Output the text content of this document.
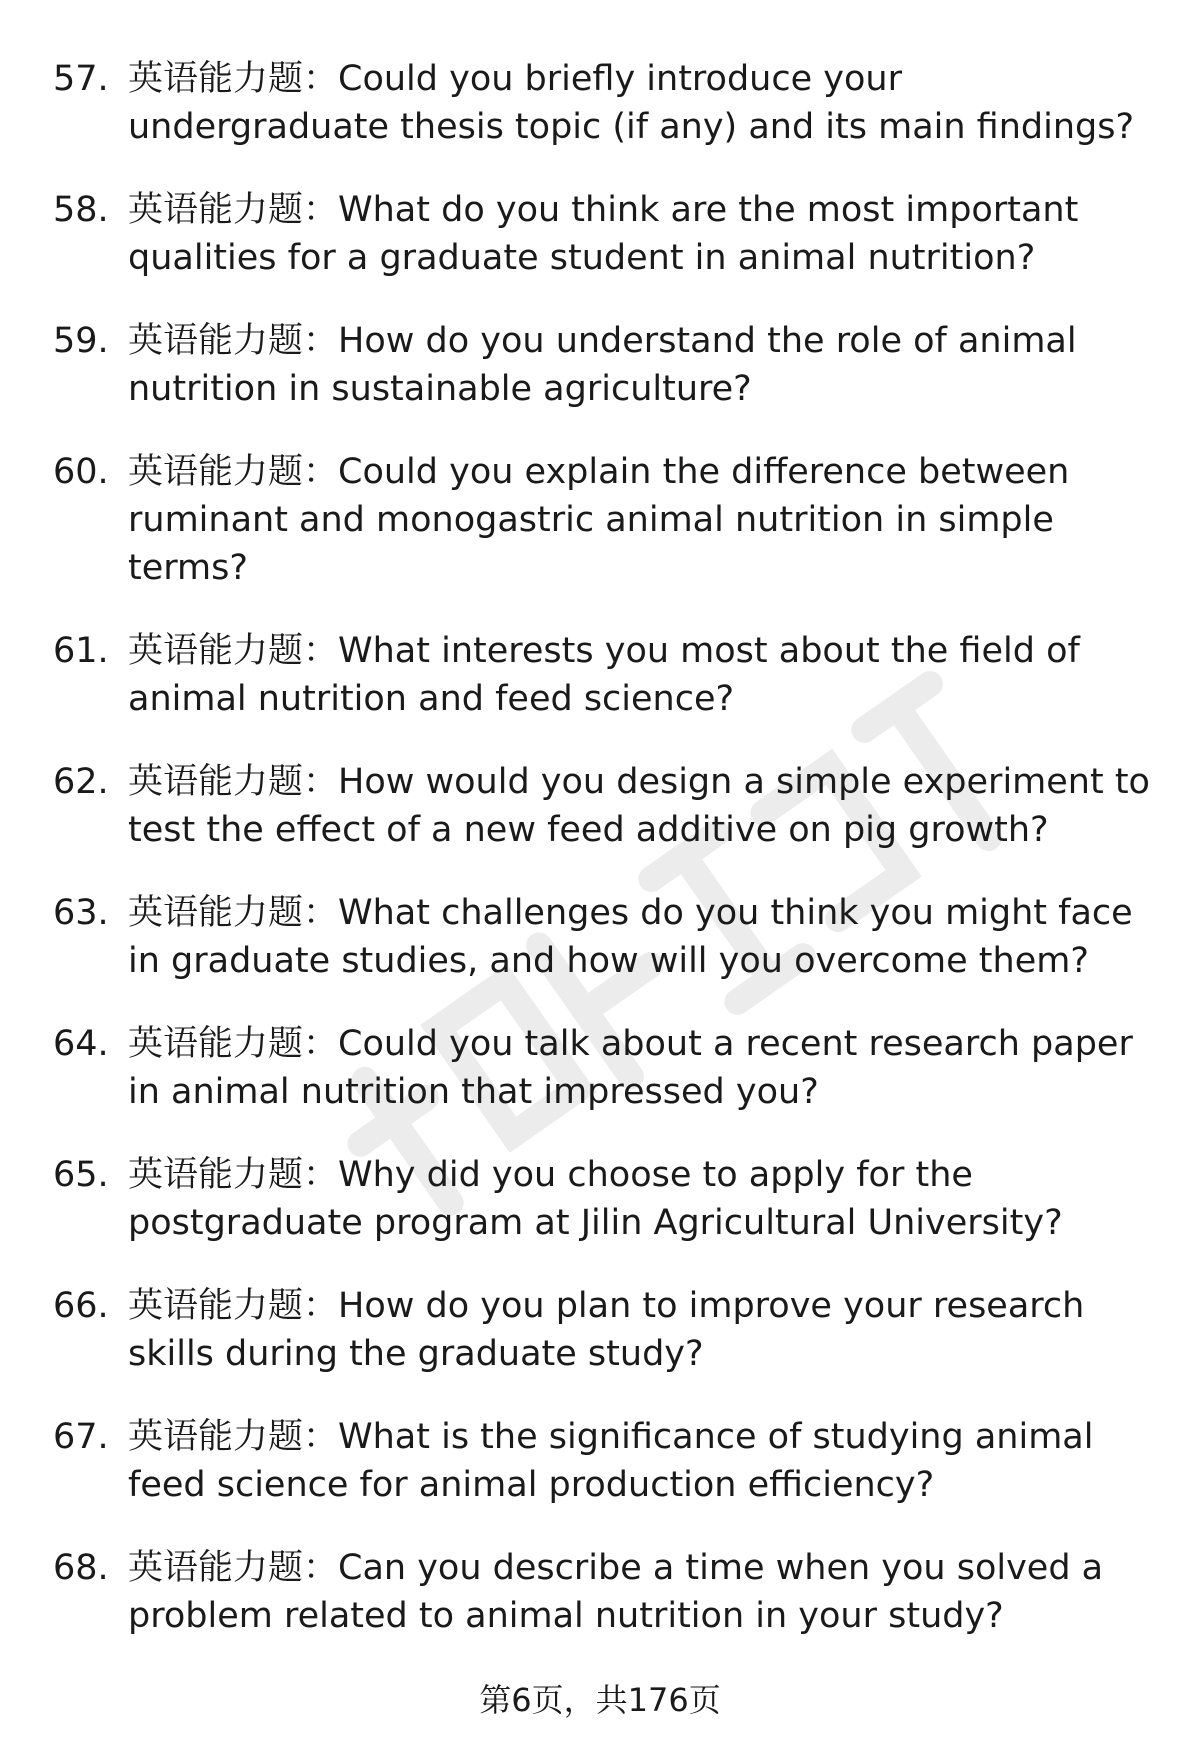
57. 英语能力题：Could you briefly introduce your undergraduate thesis topic (if any) and its main findings?
58. 英语能力题：What do you think are the most important qualities for a graduate student in animal nutrition?
59. 英语能力题：How do you understand the role of animal nutrition in sustainable agriculture?
60. 英语能力题：Could you explain the difference between ruminant and monogastric animal nutrition in simple terms?
61. 英语能力题：What interests you most about the field of animal nutrition and feed science?
62. 英语能力题：How would you design a simple experiment to test the effect of a new feed additive on pig growth?
63. 英语能力题：What challenges do you think you might face in graduate studies, and how will you overcome them?
64. 英语能力题：Could you talk about a recent research paper in animal nutrition that impressed you?
65. 英语能力题：Why did you choose to apply for the postgraduate program at Jilin Agricultural University?
66. 英语能力题：How do you plan to improve your research skills during the graduate study?
67. 英语能力题：What is the significance of studying animal feed science for animal production efficiency?
68. 英语能力题：Can you describe a time when you solved a problem related to animal nutrition in your study?
第6页，共176页
